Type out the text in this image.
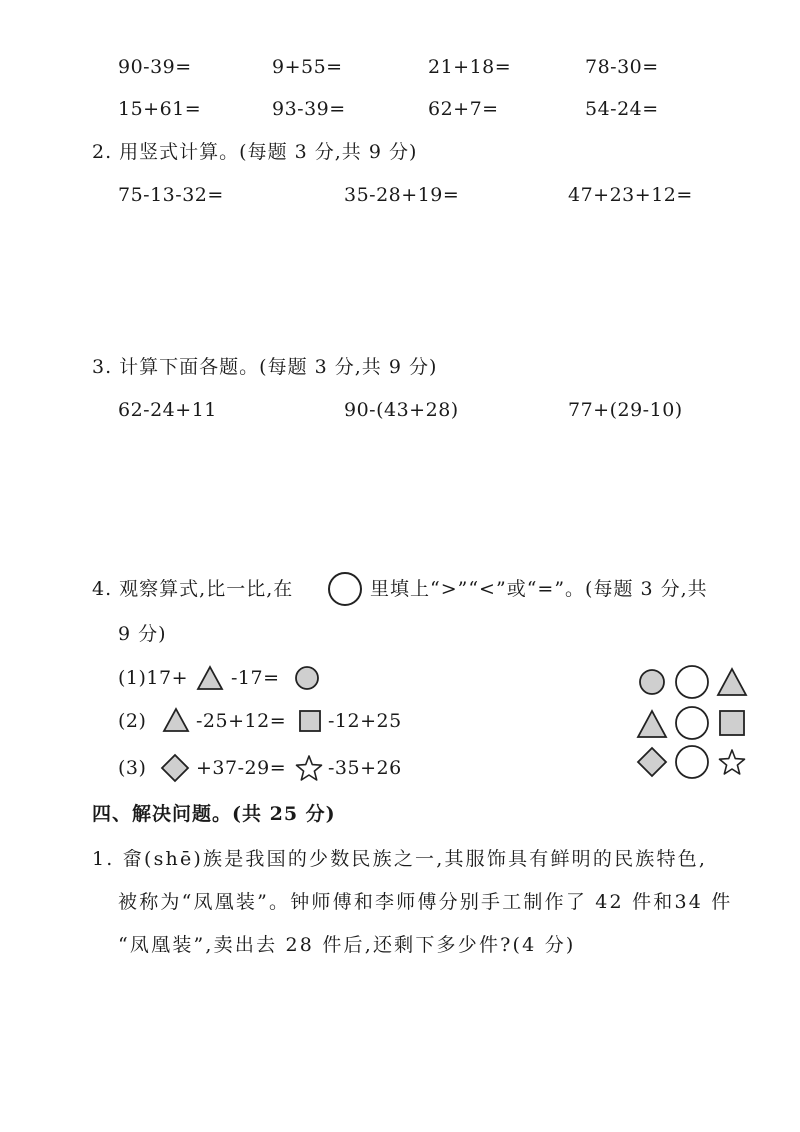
90-39=	9+55=	21+18=	78-30=
15+61=	93-39=	62+7=	54-24=
2. 用竖式计算。(每题 3 分,共 9 分)
75-13-32=	35-28+19=	47+23+12=
3. 计算下面各题。(每题 3 分,共 9 分)
62-24+11	90-(43+28)	77+(29-10)
4. 观察算式,比一比,在	里填上“>”“<”或“=”。(每题 3 分,共
9 分)
(1)17+ -17=
(2)	-25+12= -12+25
(3)	+37-29= -35+26
四、解决问题。(共 25 分)
1. 畲(shē)族是我国的少数民族之一,其服饰具有鲜明的民族特色,
被称为“凤凰装”。钟师傅和李师傅分别手工制作了 42 件和34 件
“凤凰装”,卖出去 28 件后,还剩下多少件?(4 分)
